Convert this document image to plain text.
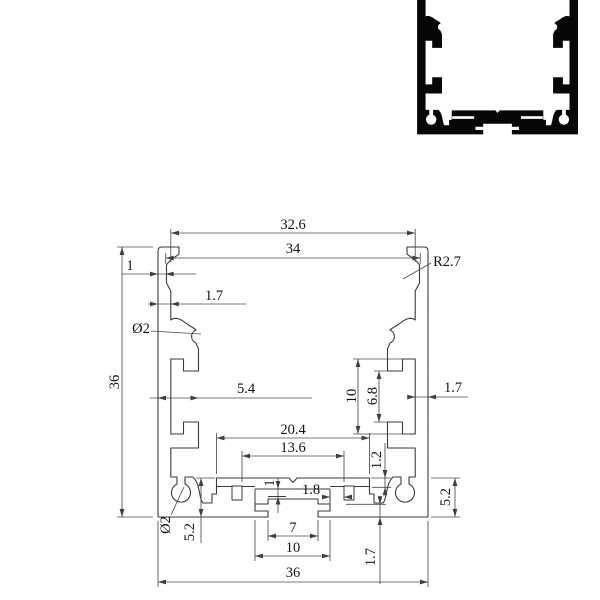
32.6
34
R2.7
1
1.7
Ø2
5.4
36
10 6.8	1.7
20.4
13.6
1.2
5.2
1.8
1
Ø2 5.2	7
10	1.7
36
